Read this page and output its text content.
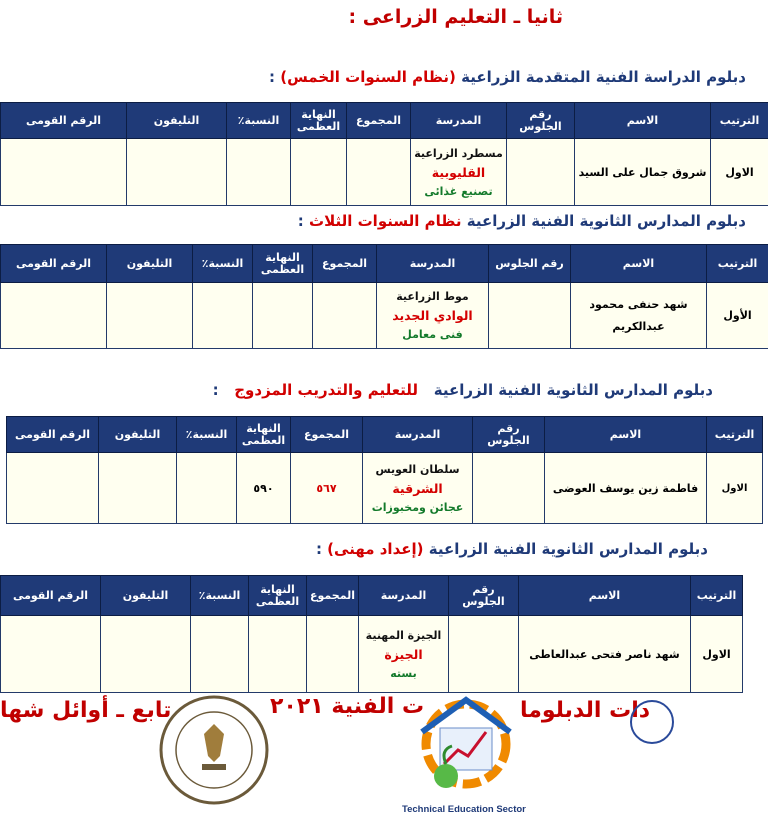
ثانيا ـ التعليم الزراعى :
دبلوم الدراسة الفنية المتقدمة الزراعية (نظام السنوات الخمس) :
الترتيب	الاسم	رقم الجلوس	المدرسة	المجموع	النهاية العظمى	النسبة٪	التليفون	الرقم القومى
الاول	شروق جمال على السيد		مسطرد الزراعية
القليوبية
تصنيع غذائى					

دبلوم المدارس الثانوية الفنية الزراعية نظام السنوات الثلاث :
الترتيب	الاسم	رقم الجلوس	المدرسة	المجموع	النهاية العظمى	النسبة٪	التليفون	الرقم القومى
الأول	شهد حنفى محمود عبدالكريم		موط الزراعية
الوادي الجديد
فنى معامل					

دبلوم المدارس الثانوية الفنية الزراعية   للتعليم والتدريب المزدوج   :
الترتيب	الاسم	رقم الجلوس	المدرسة	المجموع	النهاية العظمى	النسبة٪	التليفون	الرقم القومى
الاول	فاطمة زين يوسف العوضى		سلطان العويس
الشرقية
عجائن ومخبوزات	٥٦٧	٥٩٠			
دبلوم المدارس الثانوية الفنية الزراعية (إعداد مهنى) :
الترتيب	الاسم	رقم الجلوس	المدرسة	المجموع	النهاية العظمى	النسبة٪	التليفون	الرقم القومى
الاول	شهد ناصر فتحى عبدالعاطى		الجيزة المهنية
الجيزة
بسته					

تابع ـ أوائل شها	ت الفنية ٢٠٢١	دات الدبلوما
Technical Education Sector
